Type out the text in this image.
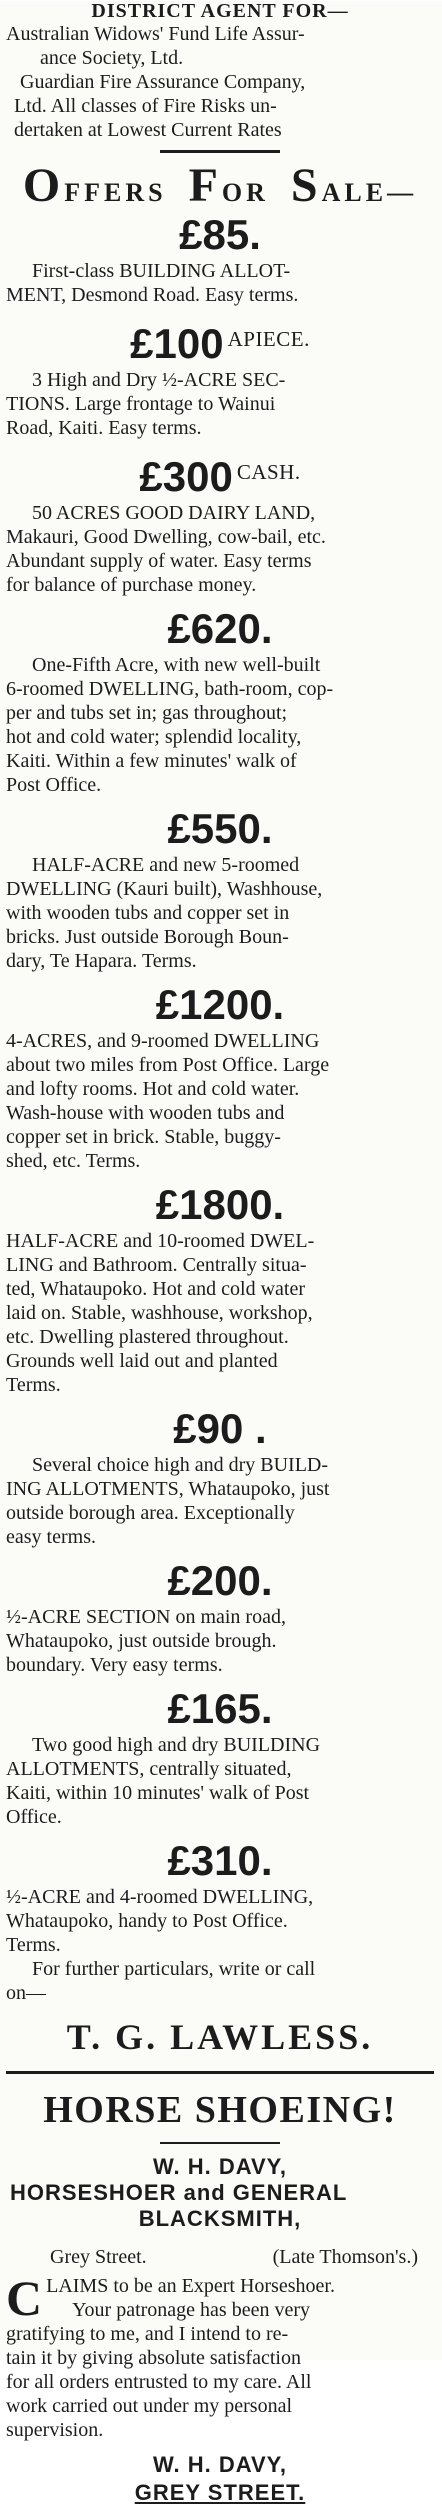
DISTRICT AGENT FOR—

Australian Widows' Fund Life Assur-

ance Society, Ltd.

Guardian Fire Assurance Company,

Ltd. All classes of Fire Risks un-

dertaken at Lowest Current Rates

O FFERS F OR S ALE—
£85.

First-class BUILDING ALLOT-

MENT, Desmond Road. Easy terms.

£100 $^{APIECE.}$

3 High and Dry ½-ACRE SEC-

TIONS. Large frontage to Wainui

Road, Kaiti. Easy terms.

£300 $^{CASH.}$

50 ACRES GOOD DAIRY LAND,

Makauri, Good Dwelling, cow-bail, etc.

Abundant supply of water. Easy terms

for balance of purchase money.

£620.

One-Fifth Acre, with new well-built

6-roomed DWELLING, bath-room, cop-

per and tubs set in; gas throughout;

hot and cold water; splendid locality,

Kaiti. Within a few minutes' walk of

Post Office.

£550.

HALF-ACRE and new 5-roomed

DWELLING (Kauri built), Washhouse,

with wooden tubs and copper set in

bricks. Just outside Borough Boun-

dary, Te Hapara. Terms.

£1200.

4-ACRES, and 9-roomed DWELLING

about two miles from Post Office. Large

and lofty rooms. Hot and cold water.

Wash-house with wooden tubs and

copper set in brick. Stable, buggy-

shed, etc. Terms.

£1800.

HALF-ACRE and 10-roomed DWEL-

LING and Bathroom. Centrally situa-

ted, Whataupoko. Hot and cold water

laid on. Stable, washhouse, workshop,

etc. Dwelling plastered throughout.

Grounds well laid out and planted

Terms.

£90 .

Several choice high and dry BUILD-

ING ALLOTMENTS, Whataupoko, just

outside borough area. Exceptionally

easy terms.

£200.

½-ACRE SECTION on main road,

Whataupoko, just outside brough.

boundary. Very easy terms.

£165.

Two good high and dry BUILDING

ALLOTMENTS, centrally situated,

Kaiti, within 10 minutes' walk of Post

Office.

£310.

½-ACRE and 4-roomed DWELLING,

Whataupoko, handy to Post Office.

Terms.

For further particulars, write or call

on—

T. G. LAWLESS.
HORSE SHOEING!
W. H. DAVY,
HORSESHOER and GENERAL
BLACKSMITH,
Grey Street.	(Late Thomson's.)
C LAIMS to be an Expert Horseshoer.

Your patronage has been very

gratifying to me, and I intend to re-

tain it by giving absolute satisfaction

for all orders entrusted to my care. All

work carried out under my personal

supervision.

W. H. DAVY,
GREY STREET.
